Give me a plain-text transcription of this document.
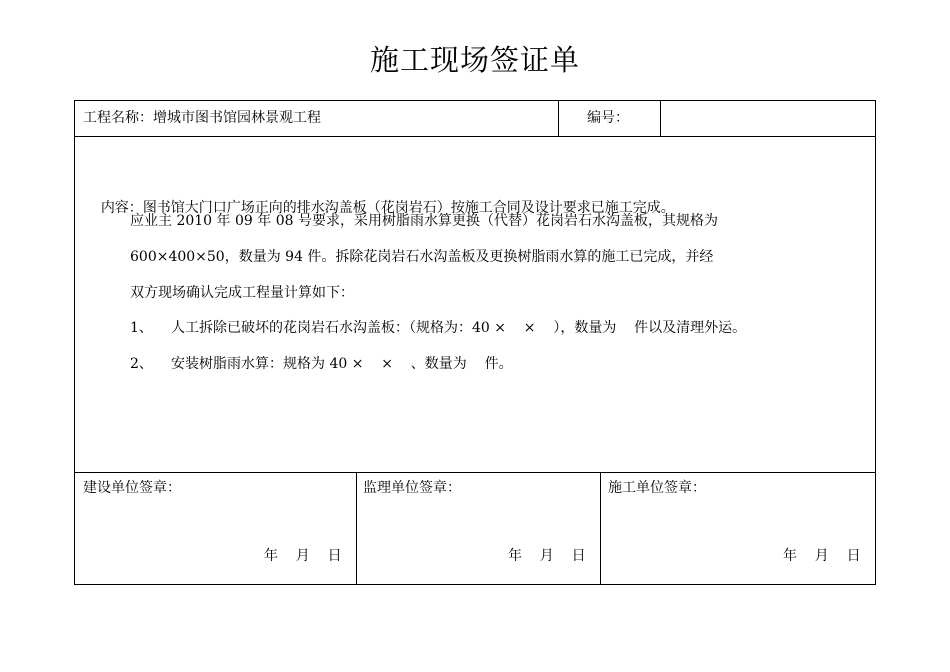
施工现场签证单
工程名称：增城市图书馆园林景观工程	编号：

内容：图书馆大门口广场正向的排水沟盖板（花岗岩石）按施工合同及设计要求已施工完成。

应业主 2010 年 09 年 08 号要求，采用树脂雨水算更换（代替）花岗岩石水沟盖板，其规格为
600×400×50，数量为 94 件。拆除花岗岩石水沟盖板及更换树脂雨水算的施工已完成，并经
双方现场确认完成工程量计算如下：
1、 人工拆除已破坏的花岗岩石水沟盖板：（规格为：40 ×    ×    ），数量为    件以及清理外运。
2、 安装树脂雨水算：规格为 40 ×    ×    、数量为    件。
建设单位签章：	监理单位签章：	施工单位签章：
年    月    日	年    月    日	年    月    日
